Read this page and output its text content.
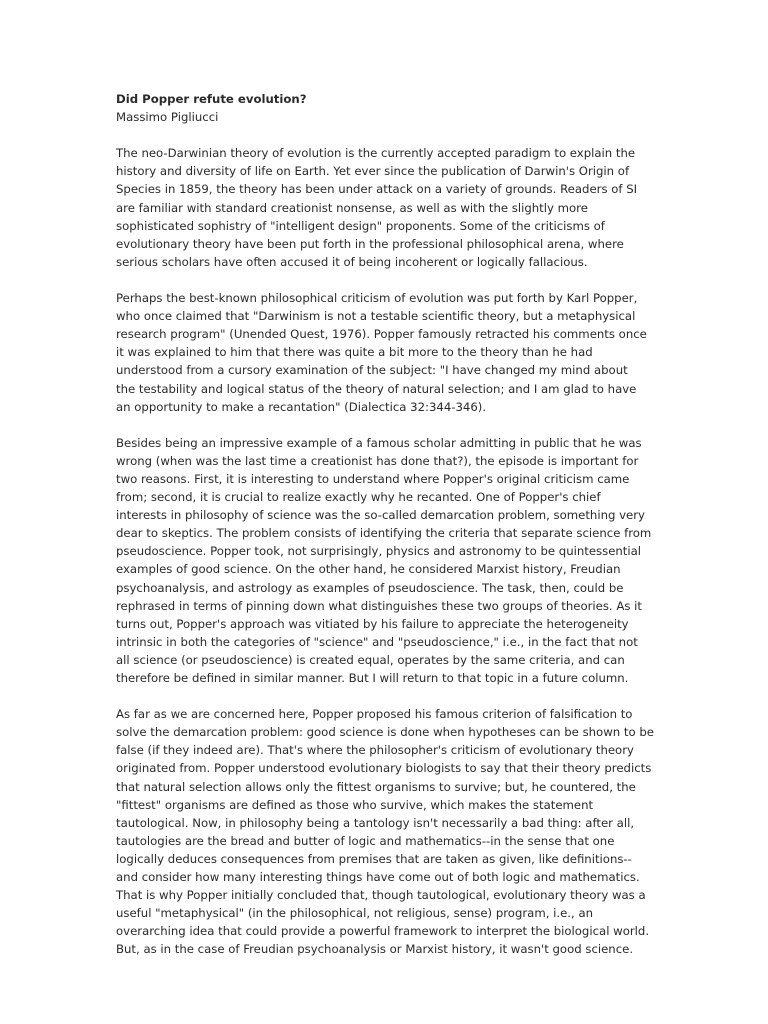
Did Popper refute evolution?

Massimo Pigliucci

The neo-Darwinian theory of evolution is the currently accepted paradigm to explain the
history and diversity of life on Earth. Yet ever since the publication of Darwin's Origin of
Species in 1859, the theory has been under attack on a variety of grounds. Readers of SI
are familiar with standard creationist nonsense, as well as with the slightly more
sophisticated sophistry of "intelligent design" proponents. Some of the criticisms of
evolutionary theory have been put forth in the professional philosophical arena, where
serious scholars have often accused it of being incoherent or logically fallacious.

Perhaps the best-known philosophical criticism of evolution was put forth by Karl Popper,
who once claimed that "Darwinism is not a testable scientific theory, but a metaphysical
research program" (Unended Quest, 1976). Popper famously retracted his comments once
it was explained to him that there was quite a bit more to the theory than he had
understood from a cursory examination of the subject: "I have changed my mind about
the testability and logical status of the theory of natural selection; and I am glad to have
an opportunity to make a recantation" (Dialectica 32:344-346).

Besides being an impressive example of a famous scholar admitting in public that he was
wrong (when was the last time a creationist has done that?), the episode is important for
two reasons. First, it is interesting to understand where Popper's original criticism came
from; second, it is crucial to realize exactly why he recanted. One of Popper's chief
interests in philosophy of science was the so-called demarcation problem, something very
dear to skeptics. The problem consists of identifying the criteria that separate science from
pseudoscience. Popper took, not surprisingly, physics and astronomy to be quintessential
examples of good science. On the other hand, he considered Marxist history, Freudian
psychoanalysis, and astrology as examples of pseudoscience. The task, then, could be
rephrased in terms of pinning down what distinguishes these two groups of theories. As it
turns out, Popper's approach was vitiated by his failure to appreciate the heterogeneity
intrinsic in both the categories of "science" and "pseudoscience," i.e., in the fact that not
all science (or pseudoscience) is created equal, operates by the same criteria, and can
therefore be defined in similar manner. But I will return to that topic in a future column.

As far as we are concerned here, Popper proposed his famous criterion of falsification to
solve the demarcation problem: good science is done when hypotheses can be shown to be
false (if they indeed are). That's where the philosopher's criticism of evolutionary theory
originated from. Popper understood evolutionary biologists to say that their theory predicts
that natural selection allows only the fittest organisms to survive; but, he countered, the
"fittest" organisms are defined as those who survive, which makes the statement
tautological. Now, in philosophy being a tantology isn't necessarily a bad thing: after all,
tautologies are the bread and butter of logic and mathematics--in the sense that one
logically deduces consequences from premises that are taken as given, like definitions--
and consider how many interesting things have come out of both logic and mathematics.
That is why Popper initially concluded that, though tautological, evolutionary theory was a
useful "metaphysical" (in the philosophical, not religious, sense) program, i.e., an
overarching idea that could provide a powerful framework to interpret the biological world.
But, as in the case of Freudian psychoanalysis or Marxist history, it wasn't good science.
